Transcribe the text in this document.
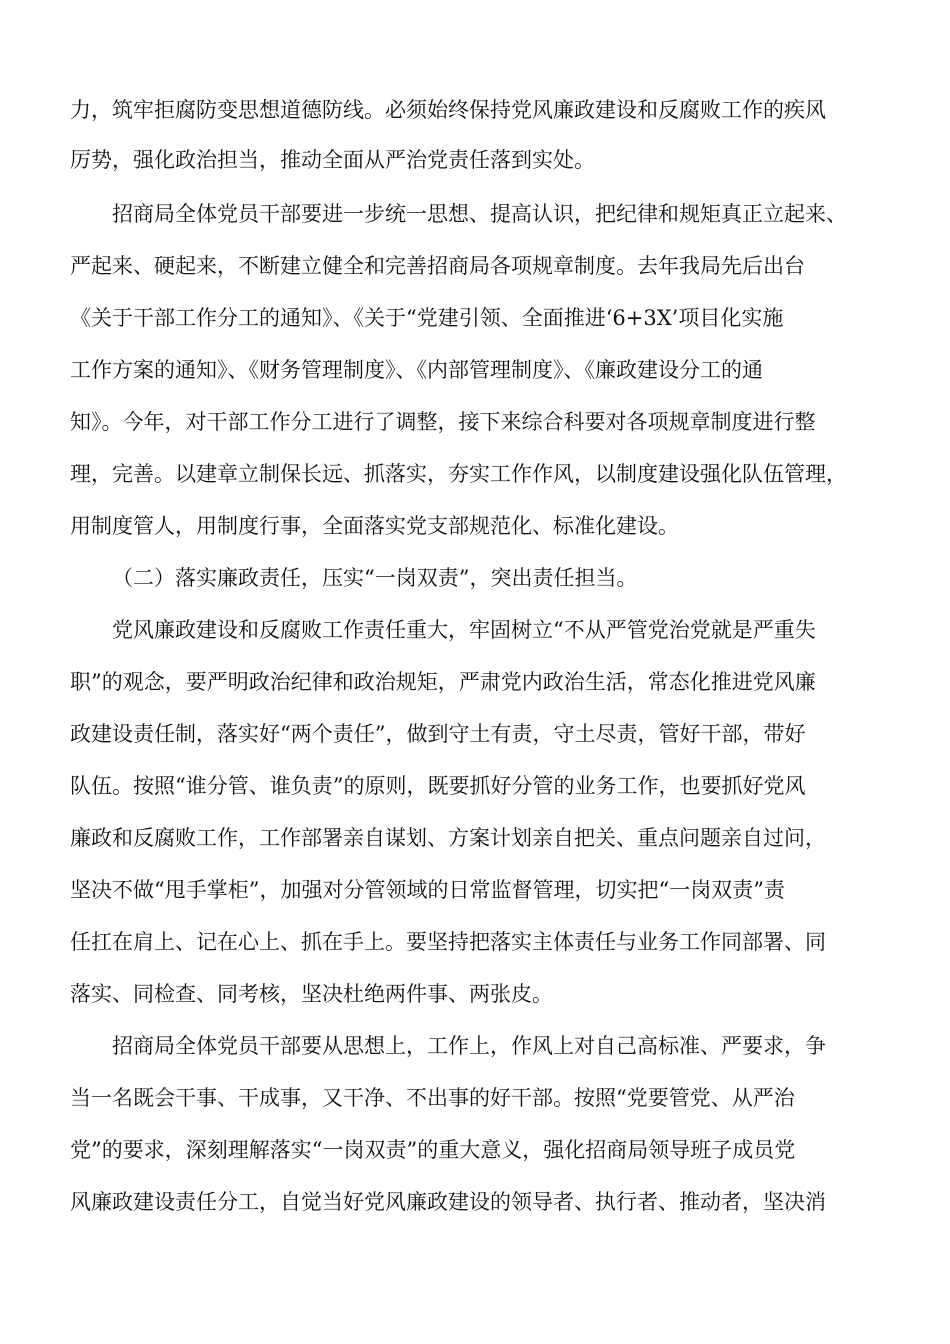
力，筑牢拒腐防变思想道德防线。必须始终保持党风廉政建设和反腐败工作的疾风
厉势，强化政治担当，推动全面从严治党责任落到实处。
招商局全体党员干部要进一步统一思想、提高认识，把纪律和规矩真正立起来、
严起来、硬起来，不断建立健全和完善招商局各项规章制度。去年我局先后出台
《关于干部工作分工的通知》、《关于“党建引领、全面推进‘6+3X’项目化实施
工作方案的通知》、《财务管理制度》、《内部管理制度》、《廉政建设分工的通
知》。今年，对干部工作分工进行了调整，接下来综合科要对各项规章制度进行整
理，完善。以建章立制保长远、抓落实，夯实工作作风，以制度建设强化队伍管理，
用制度管人，用制度行事，全面落实党支部规范化、标准化建设。
（二）落实廉政责任，压实“一岗双责”，突出责任担当。
党风廉政建设和反腐败工作责任重大，牢固树立“不从严管党治党就是严重失
职”的观念，要严明政治纪律和政治规矩，严肃党内政治生活，常态化推进党风廉
政建设责任制，落实好“两个责任”，做到守土有责，守土尽责，管好干部，带好
队伍。按照“谁分管、谁负责”的原则，既要抓好分管的业务工作，也要抓好党风
廉政和反腐败工作，工作部署亲自谋划、方案计划亲自把关、重点问题亲自过问，
坚决不做“甩手掌柜”，加强对分管领域的日常监督管理，切实把“一岗双责”责
任扛在肩上、记在心上、抓在手上。要坚持把落实主体责任与业务工作同部署、同
落实、同检查、同考核，坚决杜绝两件事、两张皮。
招商局全体党员干部要从思想上，工作上，作风上对自己高标准、严要求，争
当一名既会干事、干成事，又干净、不出事的好干部。按照“党要管党、从严治
党”的要求，深刻理解落实“一岗双责”的重大意义，强化招商局领导班子成员党
风廉政建设责任分工，自觉当好党风廉政建设的领导者、执行者、推动者，坚决消
